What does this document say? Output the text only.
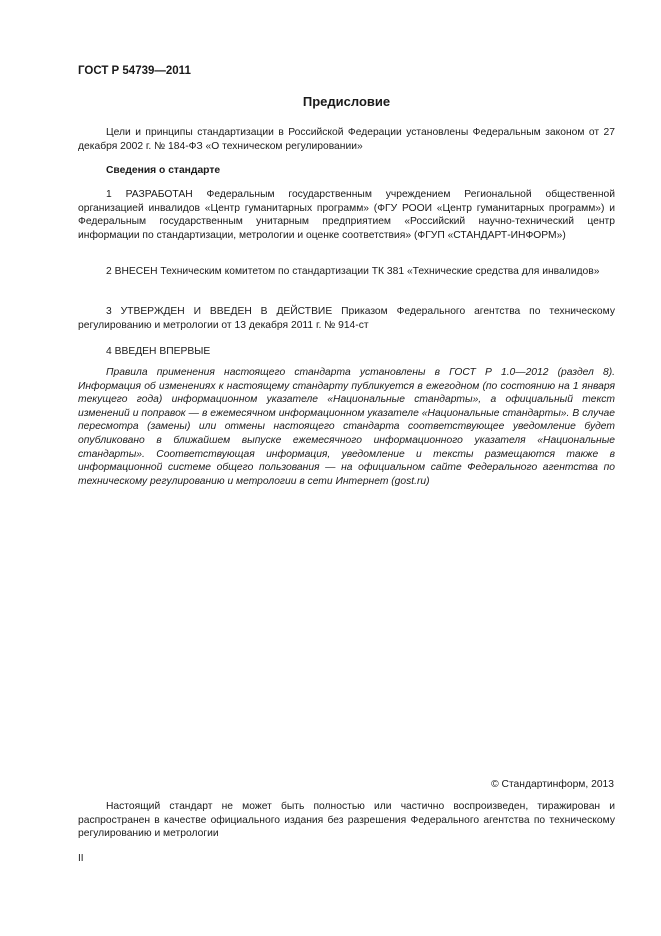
ГОСТ Р 54739—2011
Предисловие
Цели и принципы стандартизации в Российской Федерации установлены Федеральным законом от 27 декабря 2002 г. № 184-ФЗ «О техническом регулировании»
Сведения о стандарте
1 РАЗРАБОТАН Федеральным государственным учреждением Региональной общественной организацией инвалидов «Центр гуманитарных программ» (ФГУ РООИ «Центр гуманитарных программ») и Федеральным государственным унитарным предприятием «Российский научно-технический центр информации по стандартизации, метрологии и оценке соответствия» (ФГУП «СТАНДАРТ-ИНФОРМ»)
2 ВНЕСЕН Техническим комитетом по стандартизации ТК 381 «Технические средства для инвалидов»
3 УТВЕРЖДЕН И ВВЕДЕН В ДЕЙСТВИЕ Приказом Федерального агентства по техническому регулированию и метрологии от 13 декабря 2011 г. № 914-ст
4 ВВЕДЕН ВПЕРВЫЕ
Правила применения настоящего стандарта установлены в ГОСТ Р 1.0—2012 (раздел 8). Информация об изменениях к настоящему стандарту публикуется в ежегодном (по состоянию на 1 января текущего года) информационном указателе «Национальные стандарты», а официальный текст изменений и поправок — в ежемесячном информационном указателе «Национальные стандарты». В случае пересмотра (замены) или отмены настоящего стандарта соответствующее уведомление будет опубликовано в ближайшем выпуске ежемесячного информационного указателя «Национальные стандарты». Соответствующая информация, уведомление и тексты размещаются также в информационной системе общего пользования — на официальном сайте Федерального агентства по техническому регулированию и метрологии в сети Интернет (gost.ru)
© Стандартинформ, 2013
Настоящий стандарт не может быть полностью или частично воспроизведен, тиражирован и распространен в качестве официального издания без разрешения Федерального агентства по техническому регулированию и метрологии
II
